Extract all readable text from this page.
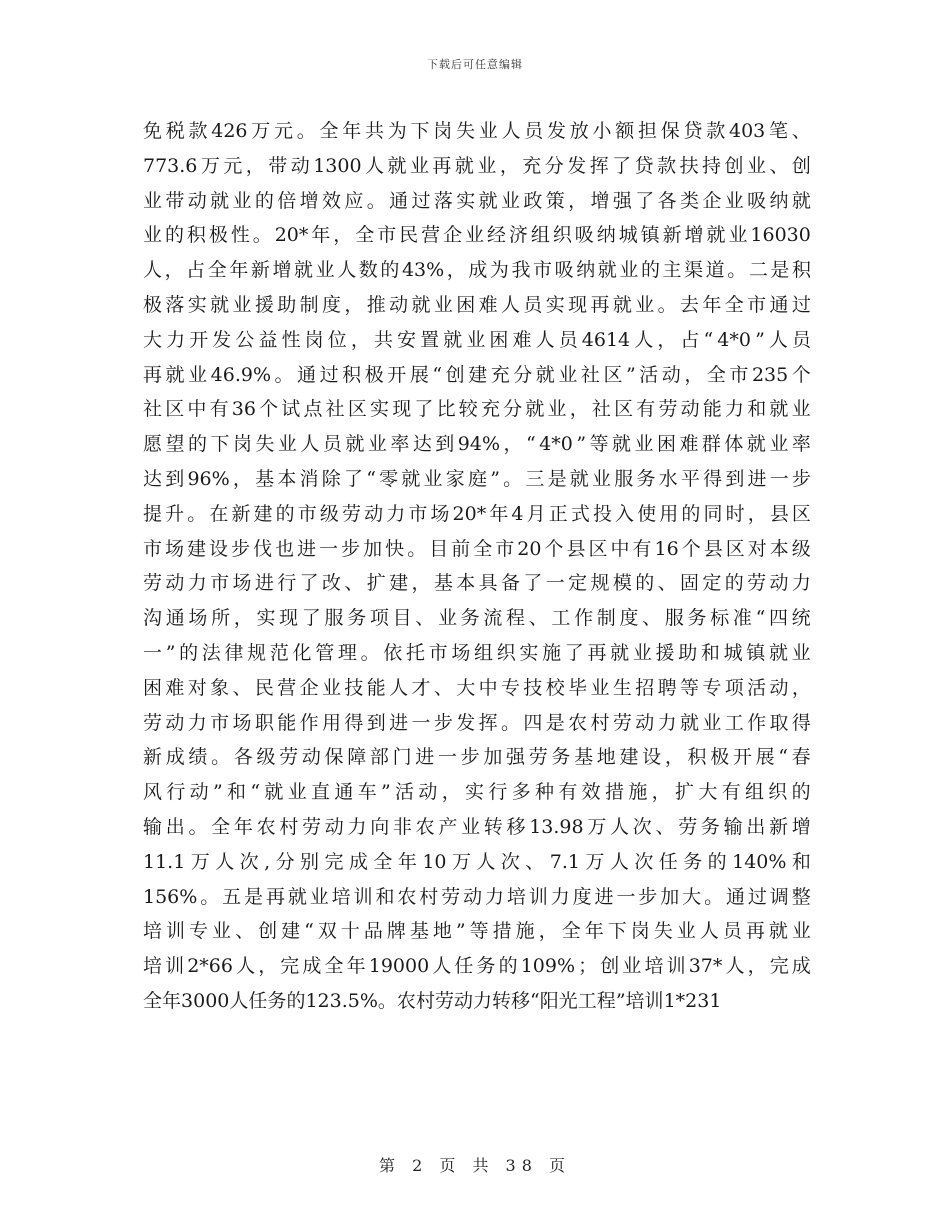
下载后可任意编辑
免 税 款 426 万 元 。 全 年 共 为 下 岗 失 业 人 员 发 放 小 额 担 保 贷 款 403 笔 、
773.6 万 元 ， 带 动 1300 人 就 业 再 就 业 ， 充 分 发 挥 了 贷 款 扶 持 创 业 、 创
业 带 动 就 业 的 倍 增 效 应 。 通 过 落 实 就 业 政 策 ， 增 强 了 各 类 企 业 吸 纳 就
业 的 积 极 性 。 20* 年 ， 全 市 民 营 企 业 经 济 组 织 吸 纳 城 镇 新 增 就 业 16030
人 ， 占 全 年 新 增 就 业 人 数 的 43% ， 成 为 我 市 吸 纳 就 业 的 主 渠 道 。 二 是 积
极 落 实 就 业 援 助 制 度 ， 推 动 就 业 困 难 人 员 实 现 再 就 业 。 去 年 全 市 通 过
大 力 开 发 公 益 性 岗 位 ， 共 安 置 就 业 困 难 人 员 4614 人 ， 占 “ 4*0 ” 人 员
再 就 业 46.9% 。 通 过 积 极 开 展 “ 创 建 充 分 就 业 社 区 ” 活 动 ， 全 市 235 个
社 区 中 有 36 个 试 点 社 区 实 现 了 比 较 充 分 就 业 ， 社 区 有 劳 动 能 力 和 就 业
愿 望 的 下 岗 失 业 人 员 就 业 率 达 到 94% ， “ 4*0 ” 等 就 业 困 难 群 体 就 业 率
达 到 96% ， 基 本 消 除 了 “ 零 就 业 家 庭 ” 。 三 是 就 业 服 务 水 平 得 到 进 一 步
提 升 。 在 新 建 的 市 级 劳 动 力 市 场 20* 年 4 月 正 式 投 入 使 用 的 同 时 ， 县 区
市 场 建 设 步 伐 也 进 一 步 加 快 。 目 前 全 市 20 个 县 区 中 有 16 个 县 区 对 本 级
劳 动 力 市 场 进 行 了 改 、 扩 建 ， 基 本 具 备 了 一 定 规 模 的 、 固 定 的 劳 动 力
沟 通 场 所 ， 实 现 了 服 务 项 目 、 业 务 流 程 、 工 作 制 度 、 服 务 标 准 “ 四 统
一 ” 的 法 律 规 范 化 管 理 。 依 托 市 场 组 织 实 施 了 再 就 业 援 助 和 城 镇 就 业
困 难 对 象 、 民 营 企 业 技 能 人 才 、 大 中 专 技 校 毕 业 生 招 聘 等 专 项 活 动 ，
劳 动 力 市 场 职 能 作 用 得 到 进 一 步 发 挥 。 四 是 农 村 劳 动 力 就 业 工 作 取 得
新 成 绩 。 各 级 劳 动 保 障 部 门 进 一 步 加 强 劳 务 基 地 建 设 ， 积 极 开 展 “ 春
风 行 动 ” 和 “ 就 业 直 通 车 ” 活 动 ， 实 行 多 种 有 效 措 施 ， 扩 大 有 组 织 的
输 出 。 全 年 农 村 劳 动 力 向 非 农 产 业 转 移 13.98 万 人 次 、 劳 务 输 出 新 增
11.1 万 人 次 , 分 别 完 成 全 年 10 万 人 次 、 7.1 万 人 次 任 务 的 140% 和
156% 。 五 是 再 就 业 培 训 和 农 村 劳 动 力 培 训 力 度 进 一 步 加 大 。 通 过 调 整
培 训 专 业 、 创 建 “ 双 十 品 牌 基 地 ” 等 措 施 ， 全 年 下 岗 失 业 人 员 再 就 业
培 训 2*66 人 ， 完 成 全 年 19000 人 任 务 的 109% ； 创 业 培 训 37* 人 ， 完 成
全 年 3000 人 任 务 的 123.5% 。 农 村 劳 动 力 转 移 “ 阳 光 工 程 ” 培 训 1*231
第 2 页 共 38 页
